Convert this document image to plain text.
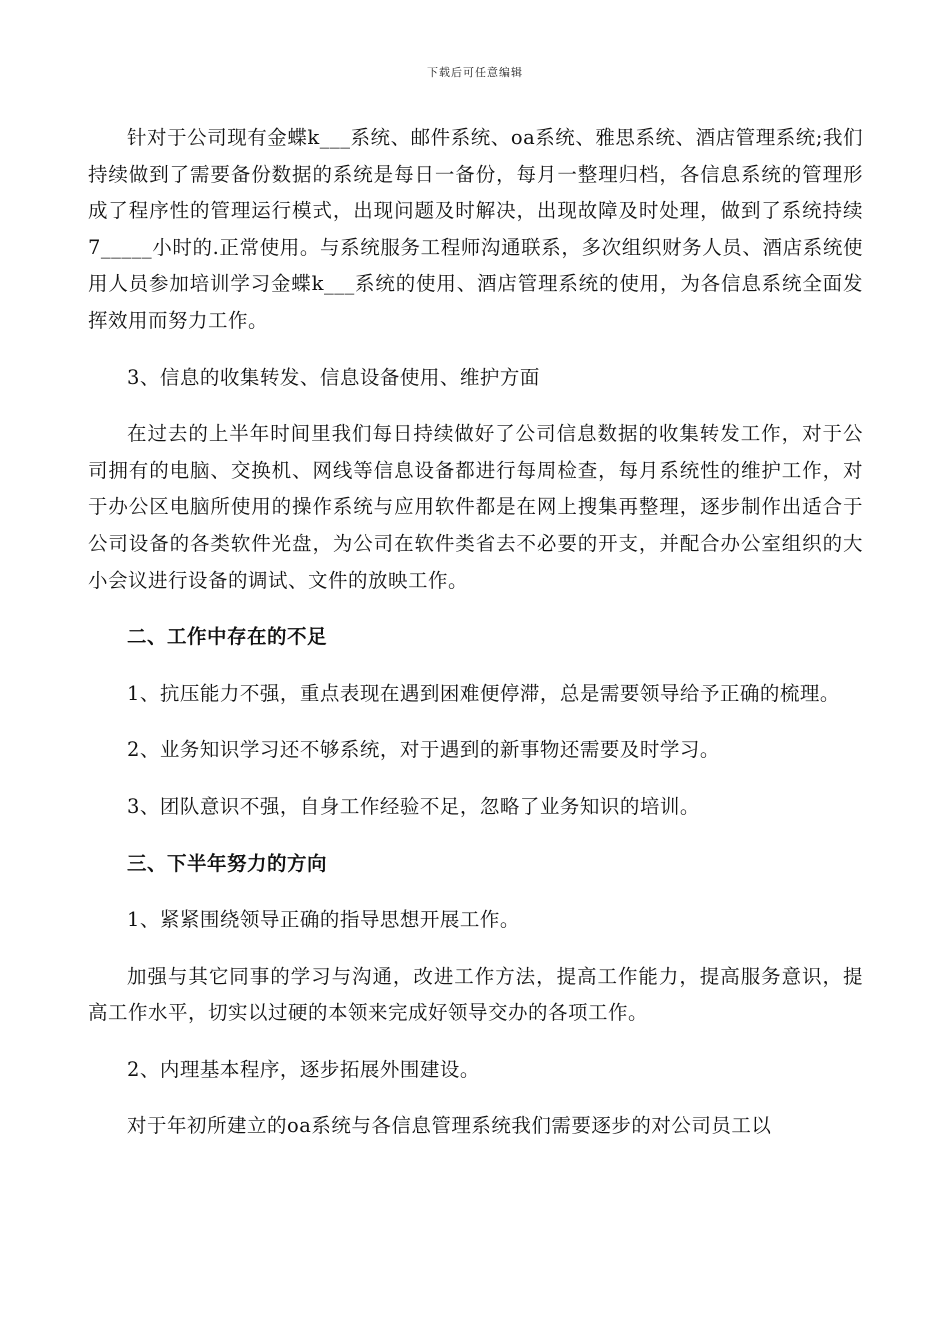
下载后可任意编辑

针对于公司现有金蝶k___系统、邮件系统、oa系统、雅思系统、酒店管理系统;我们持续做到了需要备份数据的系统是每日一备份，每月一整理归档，各信息系统的管理形成了程序性的管理运行模式，出现问题及时解决，出现故障及时处理，做到了系统持续7_____小时的.正常使用。与系统服务工程师沟通联系，多次组织财务人员、酒店系统使用人员参加培训学习金蝶k___系统的使用、酒店管理系统的使用，为各信息系统全面发挥效用而努力工作。

3、信息的收集转发、信息设备使用、维护方面

在过去的上半年时间里我们每日持续做好了公司信息数据的收集转发工作，对于公司拥有的电脑、交换机、网线等信息设备都进行每周检查，每月系统性的维护工作，对于办公区电脑所使用的操作系统与应用软件都是在网上搜集再整理，逐步制作出适合于公司设备的各类软件光盘，为公司在软件类省去不必要的开支，并配合办公室组织的大小会议进行设备的调试、文件的放映工作。

二、工作中存在的不足

1、抗压能力不强，重点表现在遇到困难便停滞，总是需要领导给予正确的梳理。

2、业务知识学习还不够系统，对于遇到的新事物还需要及时学习。

3、团队意识不强，自身工作经验不足，忽略了业务知识的培训。

三、下半年努力的方向

1、紧紧围绕领导正确的指导思想开展工作。

加强与其它同事的学习与沟通，改进工作方法，提高工作能力，提高服务意识，提高工作水平，切实以过硬的本领来完成好领导交办的各项工作。

2、内理基本程序，逐步拓展外围建设。

对于年初所建立的oa系统与各信息管理系统我们需要逐步的对公司员工以
